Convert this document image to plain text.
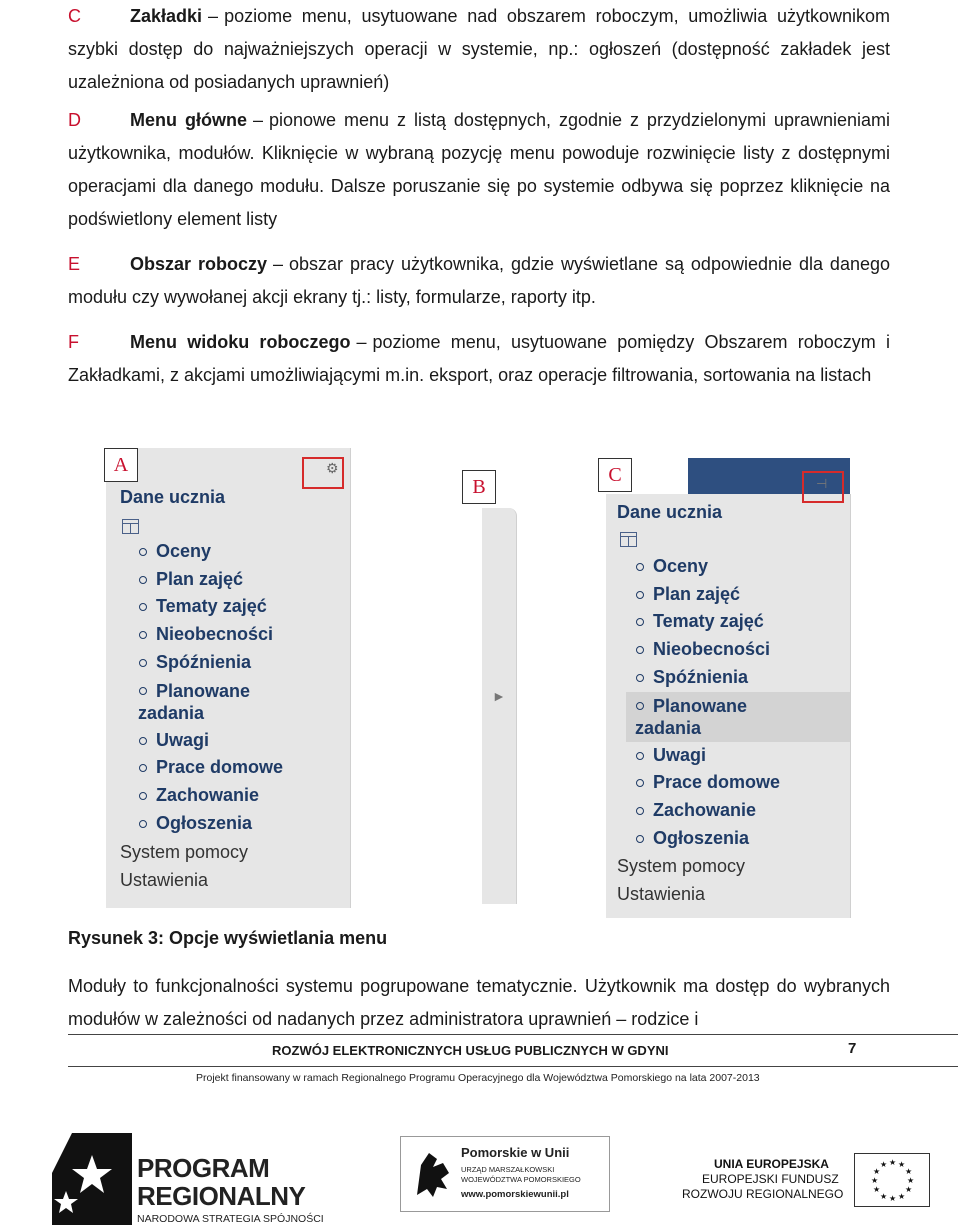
C	Zakładki – poziome menu, usytuowane nad obszarem roboczym, umożliwia użytkownikom szybki dostęp do najważniejszych operacji w systemie, np.: ogłoszeń (dostępność zakładek jest uzależniona od posiadanych uprawnień)
D	Menu główne – pionowe menu z listą dostępnych, zgodnie z przydzielonymi uprawnieniami użytkownika, modułów. Kliknięcie w wybraną pozycję menu powoduje rozwinięcie listy z dostępnymi operacjami dla danego modułu. Dalsze poruszanie się po systemie odbywa się poprzez kliknięcie na podświetlony element listy
E	Obszar roboczy – obszar pracy użytkownika, gdzie wyświetlane są odpowiednie dla danego modułu czy wywołanej akcji ekrany tj.: listy, formularze, raporty itp.
F	Menu widoku roboczego – poziome menu, usytuowane pomiędzy Obszarem roboczym i Zakładkami, z akcjami umożliwiającymi m.in. eksport, oraz operacje filtrowania, sortowania na listach
A	⚙
Dane ucznia
Oceny
Plan zajęć
Tematy zajęć
Nieobecności
Spóźnienia
Planowane
zadania
Uwagi
Prace domowe
Zachowanie
Ogłoszenia
System pomocy
Ustawienia
►
B	⊣
Dane ucznia
Oceny
Plan zajęć
Tematy zajęć
Nieobecności
Spóźnienia
Planowane
zadania
Uwagi
Prace domowe
Zachowanie
Ogłoszenia
System pomocy
Ustawienia
C
Rysunek 3: Opcje wyświetlania menu
Moduły to funkcjonalności systemu pogrupowane tematycznie. Użytkownik ma dostęp do wybranych modułów w zależności od nadanych przez administratora uprawnień – rodzice i
ROZWÓJ ELEKTRONICZNYCH USŁUG PUBLICZNYCH W GDYNI	7
Projekt finansowany w ramach Regionalnego Programu Operacyjnego dla Województwa Pomorskiego na lata 2007-2013
PROGRAM
REGIONALNY
NARODOWA STRATEGIA SPÓJNOŚCI
Pomorskie w Unii
URZĄD MARSZAŁKOWSKI
WOJEWÓDZTWA POMORSKIEGO
www.pomorskiewunii.pl
UNIA EUROPEJSKA
EUROPEJSKI FUNDUSZ
ROZWOJU REGIONALNEGO
★ ★
★
★
★
★
★
★
★
★
★
★
